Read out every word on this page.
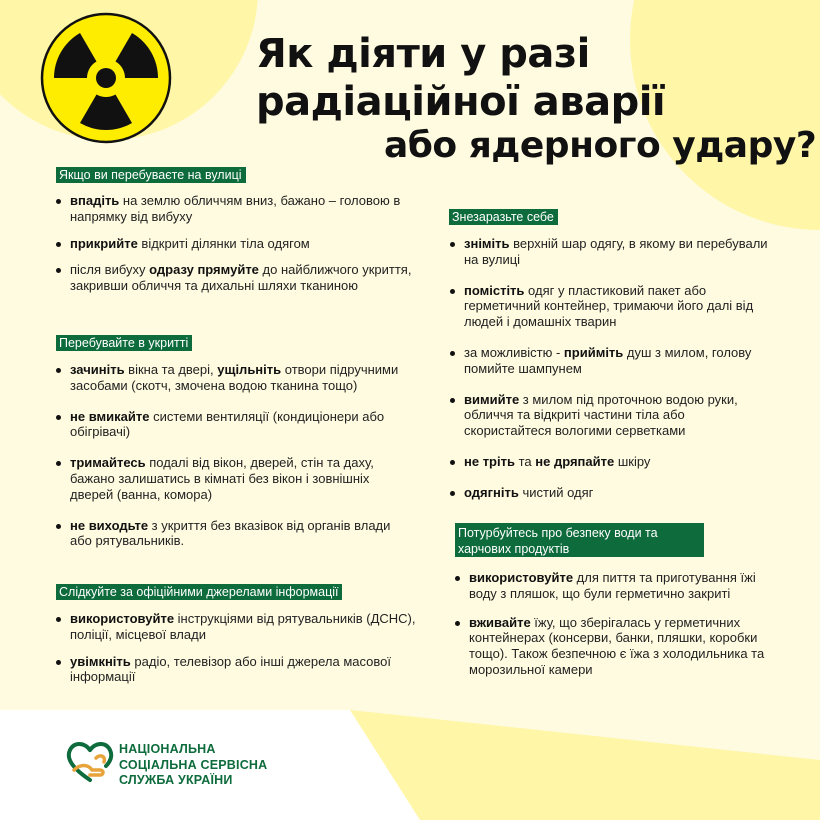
Як діяти у разі
радіаційної аварії
або ядерного удару?
Якщо ви перебуваєте на вулиці
впадіть на землю обличчям вниз, бажано – головою в напрямку від вибуху
прикрийте відкриті ділянки тіла одягом
після вибуху одразу прямуйте до найближчого укриття, закривши обличчя та дихальні шляхи тканиною
Перебувайте в укритті
зачиніть вікна та двері, ущільніть отвори підручними засобами (скотч, змочена водою тканина тощо)
не вмикайте системи вентиляції (кондиціонери або обігрівачі)
тримайтесь подалі від вікон, дверей, стін та даху, бажано залишатись в кімнаті без вікон і зовнішніх дверей (ванна, комора)
не виходьте з укриття без вказівок від органів влади або рятувальників.
Слідкуйте за офіційними джерелами інформації
використовуйте інструкціями від рятувальників (ДСНС), поліції, місцевої влади
увімкніть радіо, телевізор або інші джерела масової інформації
Знезаразьте себе
зніміть верхній шар одягу, в якому ви перебували на вулиці
помістіть одяг у пластиковий пакет або герметичний контейнер, тримаючи його далі від людей і домашніх тварин
за можливістю - прийміть душ з милом, голову помийте шампунем
вимийте з милом під проточною водою руки, обличчя та відкриті частини тіла або скористайтеся вологими серветками
не тріть та не дряпайте шкіру
одягніть чистий одяг
Потурбуйтесь про безпеку води та харчових продуктів
використовуйте для пиття та приготування їжі воду з пляшок, що були герметично закриті
вживайте їжу, що зберігалась у герметичних контейнерах (консерви, банки, пляшки, коробки тощо). Також безпечною є їжа з холодильника та морозильної камери
НАЦІОНАЛЬНА
СОЦІАЛЬНА СЕРВІСНА
СЛУЖБА УКРАЇНИ
